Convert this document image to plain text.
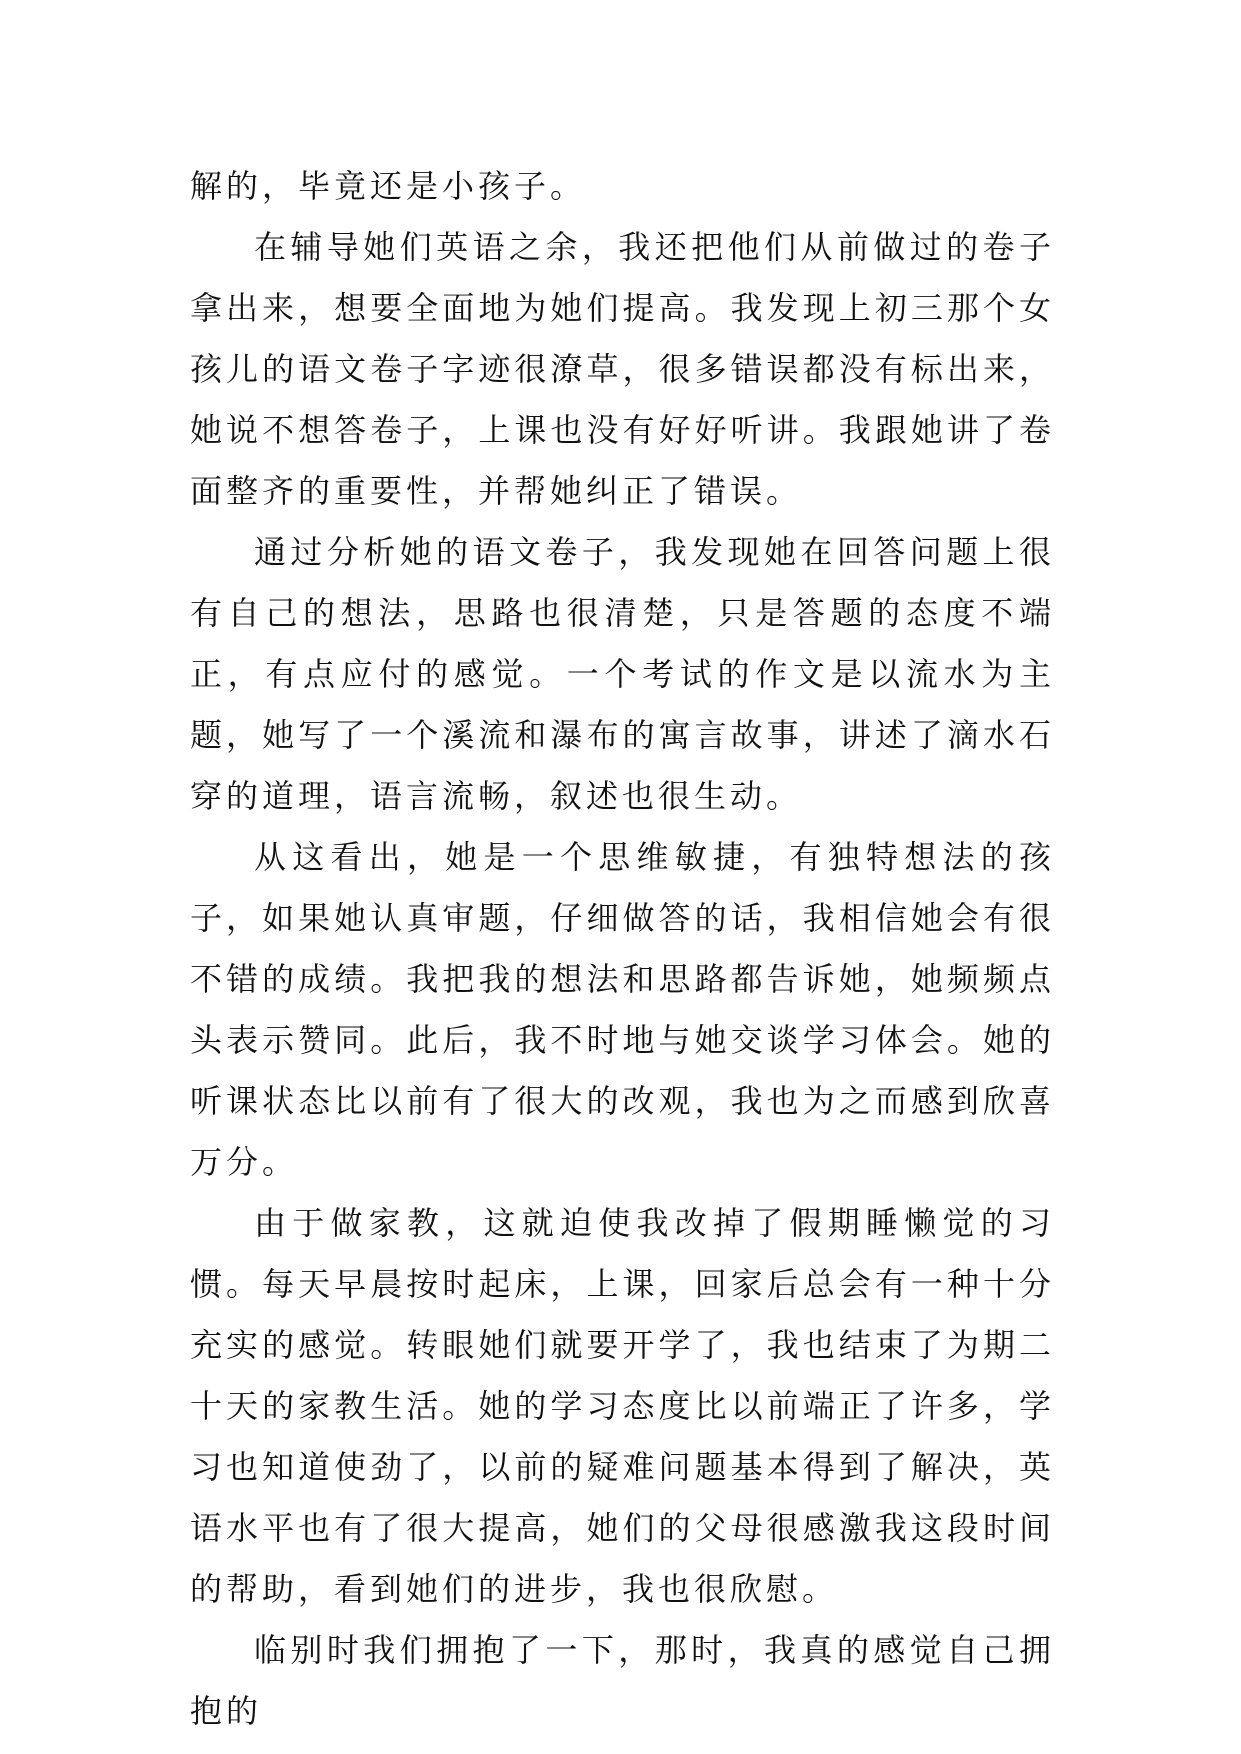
解的，毕竟还是小孩子。

在辅导她们英语之余，我还把他们从前做过的卷子拿出来，想要全面地为她们提高。我发现上初三那个女孩儿的语文卷子字迹很潦草，很多错误都没有标出来，她说不想答卷子，上课也没有好好听讲。我跟她讲了卷面整齐的重要性，并帮她纠正了错误。

通过分析她的语文卷子，我发现她在回答问题上很有自己的想法，思路也很清楚，只是答题的态度不端正，有点应付的感觉。一个考试的作文是以流水为主题，她写了一个溪流和瀑布的寓言故事，讲述了滴水石穿的道理，语言流畅，叙述也很生动。

从这看出，她是一个思维敏捷，有独特想法的孩子，如果她认真审题，仔细做答的话，我相信她会有很不错的成绩。我把我的想法和思路都告诉她，她频频点头表示赞同。此后，我不时地与她交谈学习体会。她的听课状态比以前有了很大的改观，我也为之而感到欣喜万分。

由于做家教，这就迫使我改掉了假期睡懒觉的习惯。每天早晨按时起床，上课，回家后总会有一种十分充实的感觉。转眼她们就要开学了，我也结束了为期二十天的家教生活。她的学习态度比以前端正了许多，学习也知道使劲了，以前的疑难问题基本得到了解决，英语水平也有了很大提高，她们的父母很感激我这段时间的帮助，看到她们的进步，我也很欣慰。

临别时我们拥抱了一下，那时，我真的感觉自己拥抱的
